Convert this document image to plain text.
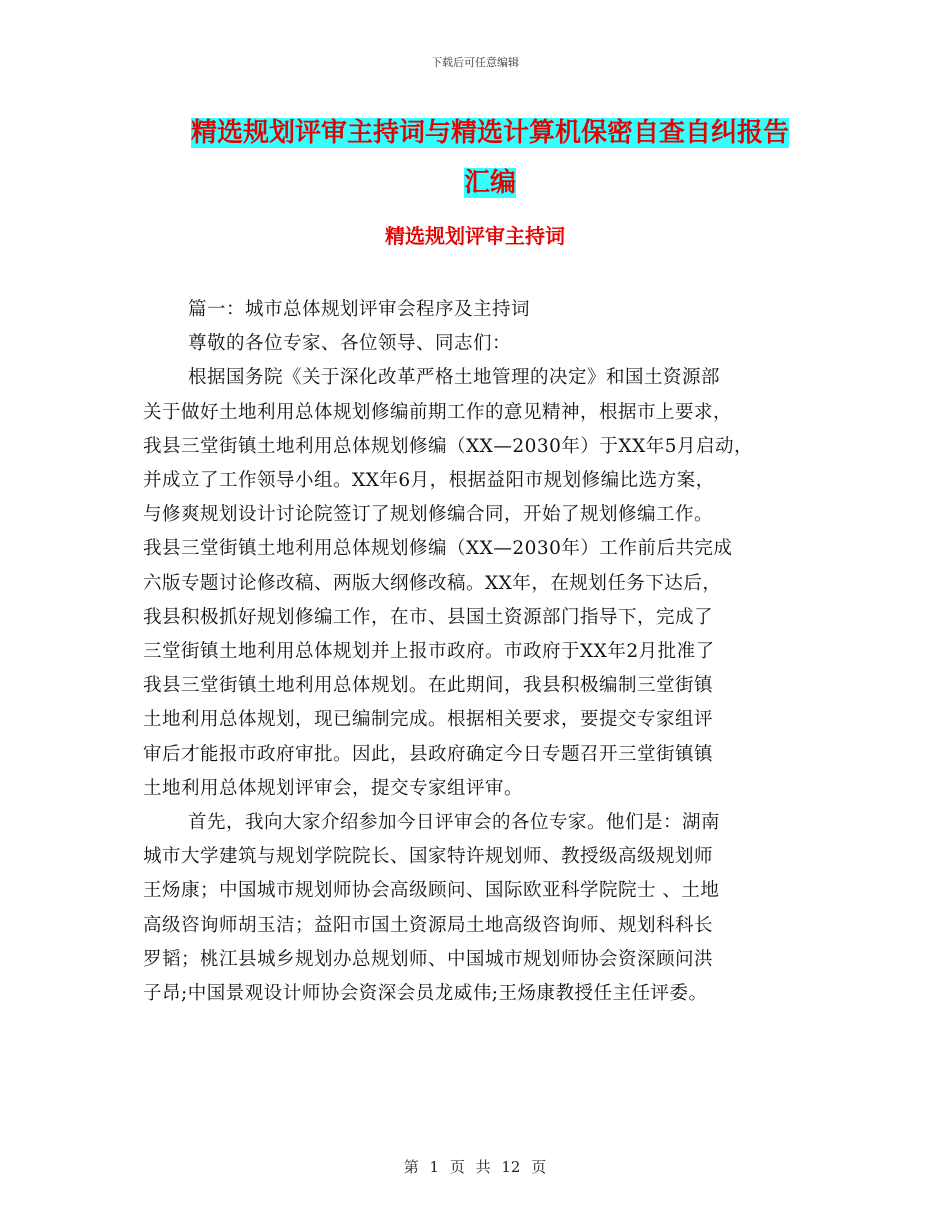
下载后可任意编辑
精选规划评审主持词与精选计算机保密自查自纠报告
汇编
精选规划评审主持词
篇一：城市总体规划评审会程序及主持词
尊敬的各位专家、各位领导、同志们：
根据国务院《关于深化改革严格土地管理的决定》和国土资源部
关于做好土地利用总体规划修编前期工作的意见精神，根据市上要求，
我县三堂街镇土地利用总体规划修编（XX—2030年）于XX年5月启动，
并成立了工作领导小组。XX年6月，根据益阳市规划修编比选方案，
与修爽规划设计讨论院签订了规划修编合同，开始了规划修编工作。
我县三堂街镇土地利用总体规划修编（XX—2030年）工作前后共完成
六版专题讨论修改稿、两版大纲修改稿。XX年，在规划任务下达后，
我县积极抓好规划修编工作，在市、县国土资源部门指导下，完成了
三堂街镇土地利用总体规划并上报市政府。市政府于XX年2月批准了
我县三堂街镇土地利用总体规划。在此期间，我县积极编制三堂街镇
土地利用总体规划，现已编制完成。根据相关要求，要提交专家组评
审后才能报市政府审批。因此，县政府确定今日专题召开三堂街镇镇
土地利用总体规划评审会，提交专家组评审。
首先，我向大家介绍参加今日评审会的各位专家。他们是：湖南
城市大学建筑与规划学院院长、国家特许规划师、教授级高级规划师
王炀康；中国城市规划师协会高级顾问、国际欧亚科学院院士 、土地
高级咨询师胡玉洁；益阳市国土资源局土地高级咨询师、规划科科长
罗韬；桃江县城乡规划办总规划师、中国城市规划师协会资深顾问洪
子昂;中国景观设计师协会资深会员龙威伟;王炀康教授任主任评委。
第 1 页 共 12 页
